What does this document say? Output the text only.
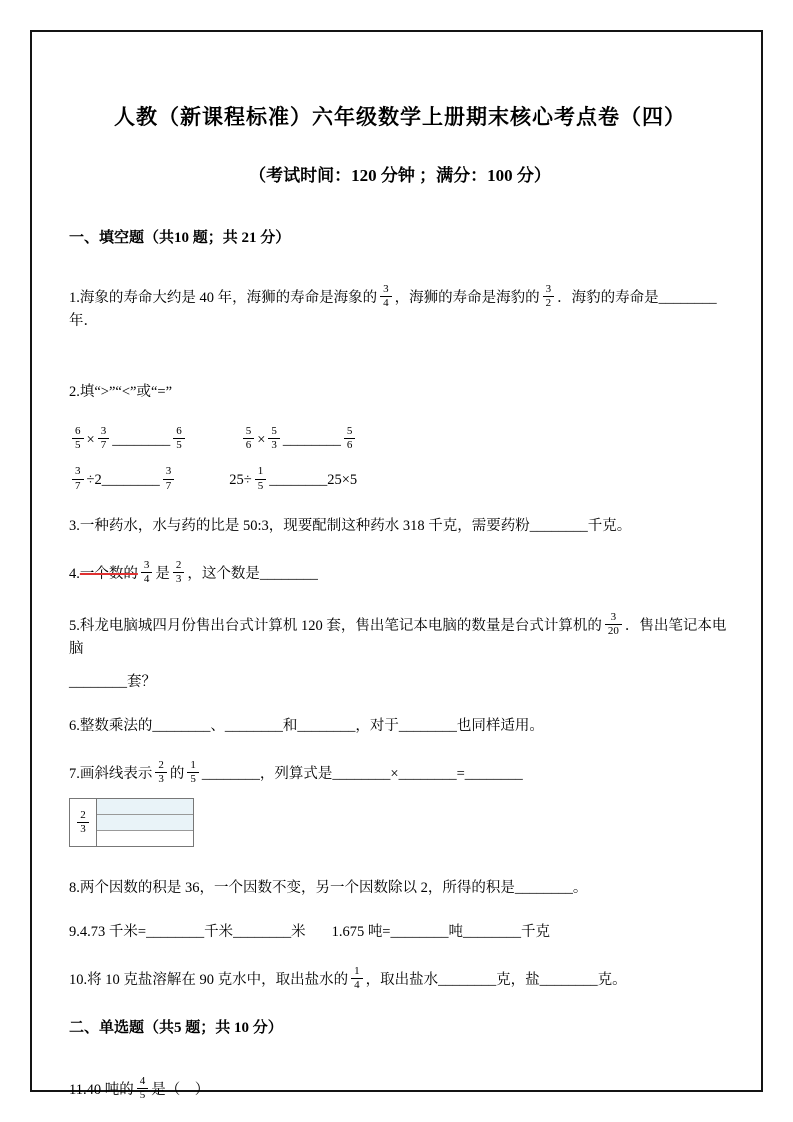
人教（新课程标准）六年级数学上册期末核心考点卷（四）
（考试时间：120 分钟 ；满分：100 分）
一、填空题（共10 题；共 21 分）

1.海象的寿命大约是 40 年，海狮的寿命是海象的 $\frac{3}{4}$ ，海狮的寿命是海豹的 $\frac{3}{2}$ ．海豹的寿命是________年．

2.填“>”“<”或“=”

$\frac{6}{5} \times \frac{3}{7}$ ________ $\frac{6}{5}$	$\frac{5}{6} \times \frac{5}{3}$ ________ $\frac{5}{6}$

$\frac{3}{7}$ ÷2________ $\frac{3}{7}$	$25\div \frac{1}{5}$ ________25×5

3.一种药水，水与药的比是 50:3，现要配制这种药水 318 千克，需要药粉________千克。

4.一个数的 $\frac{3}{4}$ 是 $\frac{2}{3}$ ，这个数是________

5.科龙电脑城四月份售出台式计算机 120 套，售出笔记本电脑的数量是台式计算机的 $\frac{3}{20}$ ．售出笔记本电脑

________套？

6.整数乘法的________、________和________，对于________也同样适用。

7.画斜线表示 $\frac{2}{3}$ 的 $\frac{1}{5}$ ________，列算式是________×________=________

$\frac{2}{3}$

8.两个因数的积是 36，一个因数不变，另一个因数除以 2，所得的积是________。

9.4.73 千米=________千米________米 1.675 吨=________吨________千克

10.将 10 克盐溶解在 90 克水中，取出盐水的 $\frac{1}{4}$ ，取出盐水________克，盐________克。

二、单选题（共5 题；共 10 分）

11.40 吨的 $\frac{4}{5}$ 是（　）
